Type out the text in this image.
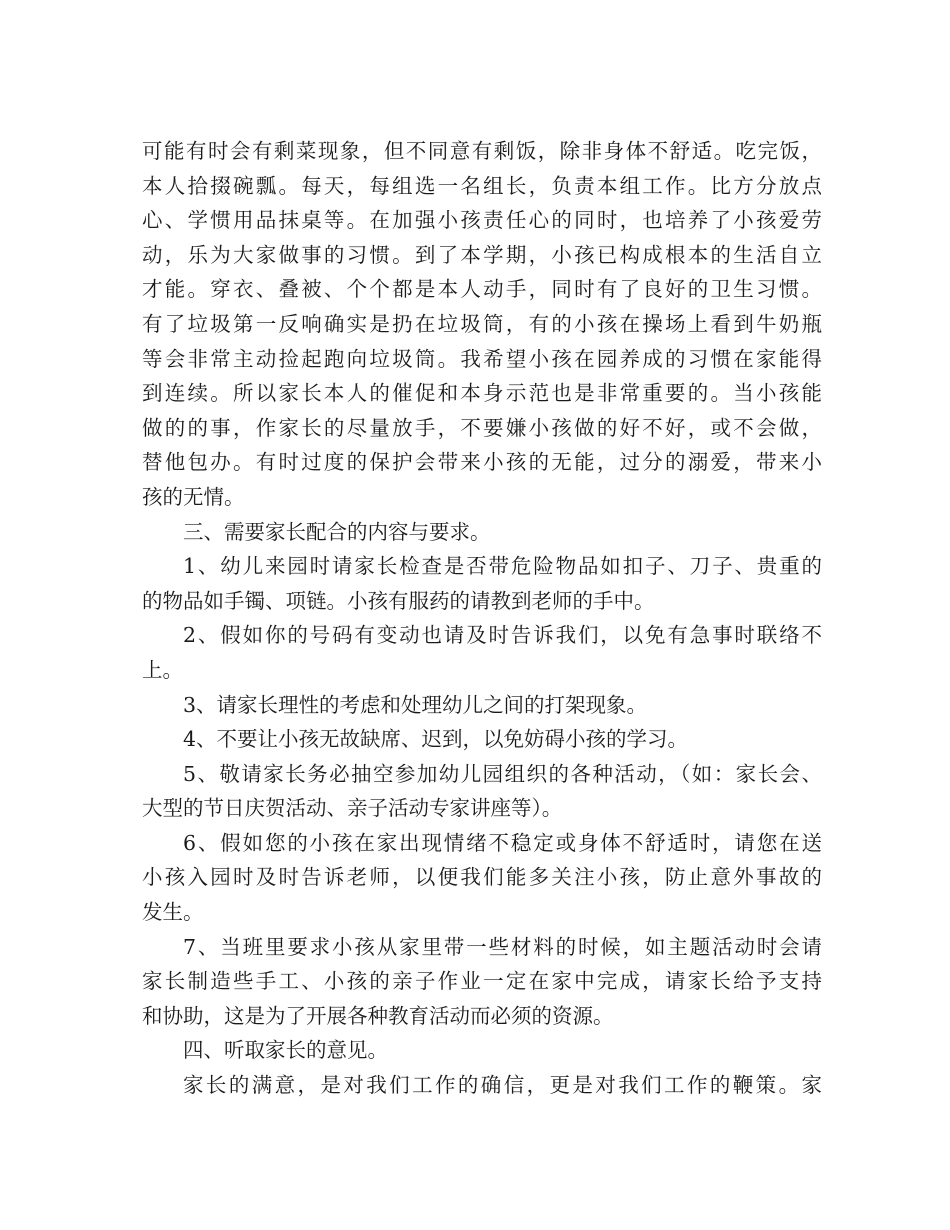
可能有时会有剩菜现象，但不同意有剩饭，除非身体不舒适。吃完饭，
本人拾掇碗瓢。每天，每组选一名组长，负责本组工作。比方分放点
心、学惯用品抹桌等。在加强小孩责任心的同时，也培养了小孩爱劳
动，乐为大家做事的习惯。到了本学期，小孩已构成根本的生活自立
才能。穿衣、叠被、个个都是本人动手，同时有了良好的卫生习惯。
有了垃圾第一反响确实是扔在垃圾筒，有的小孩在操场上看到牛奶瓶
等会非常主动捡起跑向垃圾筒。我希望小孩在园养成的习惯在家能得
到连续。所以家长本人的催促和本身示范也是非常重要的。当小孩能
做的的事，作家长的尽量放手，不要嫌小孩做的好不好，或不会做，
替他包办。有时过度的保护会带来小孩的无能，过分的溺爱，带来小
孩的无情。
三、需要家长配合的内容与要求。
1、幼儿来园时请家长检查是否带危险物品如扣子、刀子、贵重的
的物品如手镯、项链。小孩有服药的请教到老师的手中。
2、假如你的号码有变动也请及时告诉我们，以免有急事时联络不
上。
3、请家长理性的考虑和处理幼儿之间的打架现象。
4、不要让小孩无故缺席、迟到，以免妨碍小孩的学习。
5、敬请家长务必抽空参加幼儿园组织的各种活动，（如：家长会、
大型的节日庆贺活动、亲子活动专家讲座等）。
6、假如您的小孩在家出现情绪不稳定或身体不舒适时，请您在送
小孩入园时及时告诉老师，以便我们能多关注小孩，防止意外事故的
发生。
7、当班里要求小孩从家里带一些材料的时候，如主题活动时会请
家长制造些手工、小孩的亲子作业一定在家中完成，请家长给予支持
和协助，这是为了开展各种教育活动而必须的资源。
四、听取家长的意见。
家长的满意，是对我们工作的确信，更是对我们工作的鞭策。家
